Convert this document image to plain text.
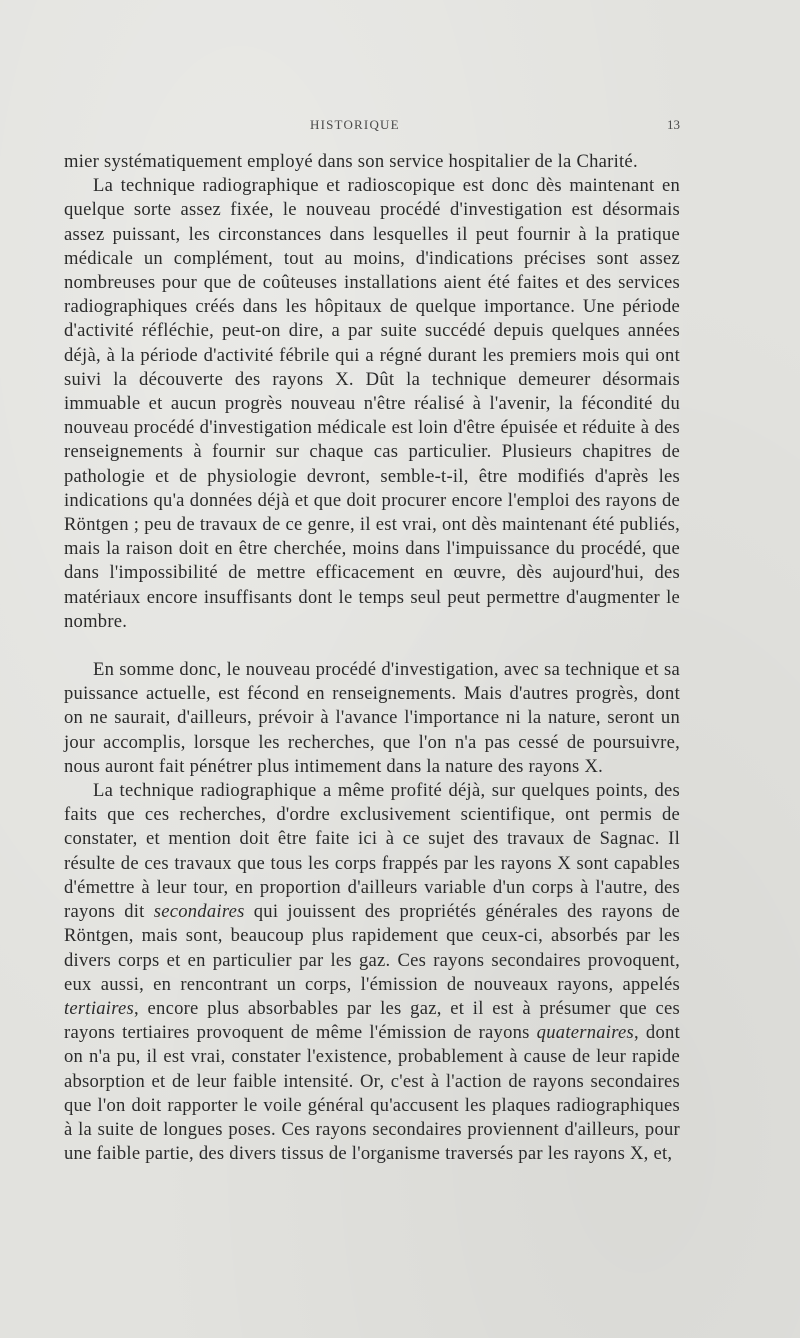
HISTORIQUE	13

mier systématiquement employé dans son service hospitalier de la Charité.

La technique radiographique et radioscopique est donc dès maintenant en quelque sorte assez fixée, le nouveau procédé d'investigation est désormais assez puissant, les circonstances dans lesquelles il peut fournir à la pratique médicale un complément, tout au moins, d'indications précises sont assez nombreuses pour que de coûteuses installations aient été faites et des services radiographiques créés dans les hôpitaux de quelque importance. Une période d'activité réfléchie, peut-on dire, a par suite succédé depuis quelques années déjà, à la période d'activité fébrile qui a régné durant les premiers mois qui ont suivi la découverte des rayons X. Dût la technique demeurer désormais immuable et aucun progrès nouveau n'être réalisé à l'avenir, la fécondité du nouveau procédé d'investigation médicale est loin d'être épuisée et réduite à des renseignements à fournir sur chaque cas particulier. Plusieurs chapitres de pathologie et de physiologie devront, semble-t-il, être modifiés d'après les indications qu'a données déjà et que doit procurer encore l'emploi des rayons de Röntgen ; peu de travaux de ce genre, il est vrai, ont dès maintenant été publiés, mais la raison doit en être cherchée, moins dans l'impuissance du procédé, que dans l'impossibilité de mettre efficacement en œuvre, dès aujourd'hui, des matériaux encore insuffisants dont le temps seul peut permettre d'augmenter le nombre.

En somme donc, le nouveau procédé d'investigation, avec sa technique et sa puissance actuelle, est fécond en renseignements. Mais d'autres progrès, dont on ne saurait, d'ailleurs, prévoir à l'avance l'importance ni la nature, seront un jour accomplis, lorsque les recherches, que l'on n'a pas cessé de poursuivre, nous auront fait pénétrer plus intimement dans la nature des rayons X.

La technique radiographique a même profité déjà, sur quelques points, des faits que ces recherches, d'ordre exclusivement scientifique, ont permis de constater, et mention doit être faite ici à ce sujet des travaux de Sagnac. Il résulte de ces travaux que tous les corps frappés par les rayons X sont capables d'émettre à leur tour, en proportion d'ailleurs variable d'un corps à l'autre, des rayons dit secondaires qui jouissent des propriétés générales des rayons de Röntgen, mais sont, beaucoup plus rapidement que ceux-ci, absorbés par les divers corps et en particulier par les gaz. Ces rayons secondaires provoquent, eux aussi, en rencontrant un corps, l'émission de nouveaux rayons, appelés tertiaires, encore plus absorbables par les gaz, et il est à présumer que ces rayons tertiaires provoquent de même l'émission de rayons quaternaires, dont on n'a pu, il est vrai, constater l'existence, probablement à cause de leur rapide absorption et de leur faible intensité. Or, c'est à l'action de rayons secondaires que l'on doit rapporter le voile général qu'accusent les plaques radiographiques à la suite de longues poses. Ces rayons secondaires proviennent d'ailleurs, pour une faible partie, des divers tissus de l'organisme traversés par les rayons X, et,
